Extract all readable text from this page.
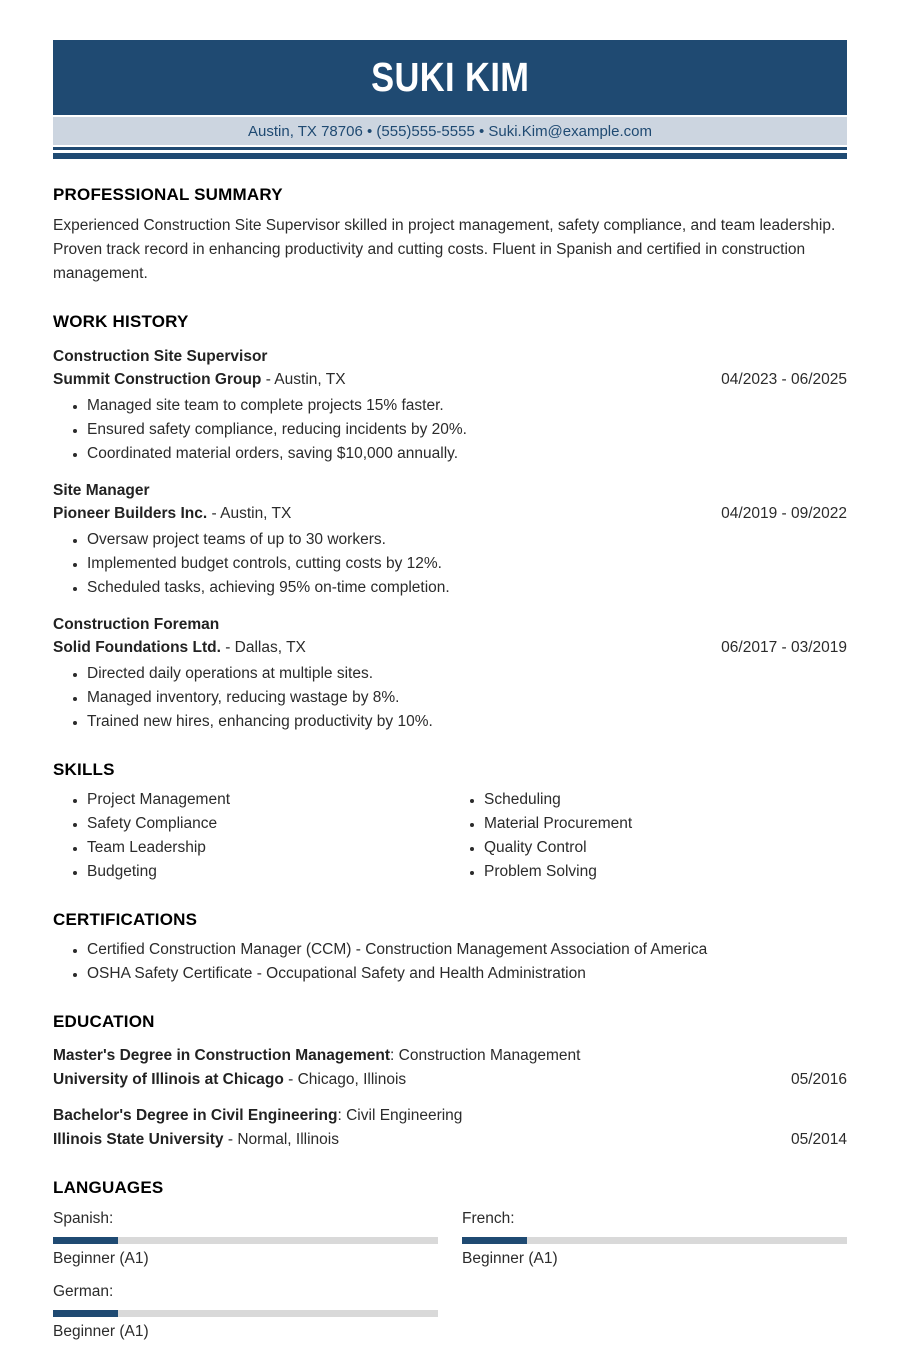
SUKI KIM
Austin, TX 78706 • (555)555-5555 • Suki.Kim@example.com
PROFESSIONAL SUMMARY
Experienced Construction Site Supervisor skilled in project management, safety compliance, and team leadership. Proven track record in enhancing productivity and cutting costs. Fluent in Spanish and certified in construction management.
WORK HISTORY
Construction Site Supervisor
Summit Construction Group - Austin, TX	04/2023 - 06/2025
• Managed site team to complete projects 15% faster.
• Ensured safety compliance, reducing incidents by 20%.
• Coordinated material orders, saving $10,000 annually.
Site Manager
Pioneer Builders Inc. - Austin, TX	04/2019 - 09/2022
• Oversaw project teams of up to 30 workers.
• Implemented budget controls, cutting costs by 12%.
• Scheduled tasks, achieving 95% on-time completion.
Construction Foreman
Solid Foundations Ltd. - Dallas, TX	06/2017 - 03/2019
• Directed daily operations at multiple sites.
• Managed inventory, reducing wastage by 8%.
• Trained new hires, enhancing productivity by 10%.
SKILLS
• Project Management
• Safety Compliance
• Team Leadership
• Budgeting
• Scheduling
• Material Procurement
• Quality Control
• Problem Solving
CERTIFICATIONS
• Certified Construction Manager (CCM) - Construction Management Association of America
• OSHA Safety Certificate - Occupational Safety and Health Administration
EDUCATION
Master's Degree in Construction Management: Construction Management
University of Illinois at Chicago - Chicago, Illinois	05/2016
Bachelor's Degree in Civil Engineering: Civil Engineering
Illinois State University - Normal, Illinois	05/2014
LANGUAGES
Spanish:
Beginner (A1)
French:
Beginner (A1)
German:
Beginner (A1)
